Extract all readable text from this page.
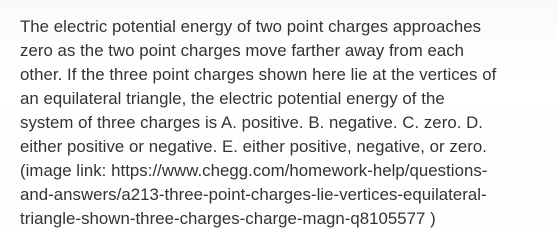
The electric potential energy of two point charges approaches
zero as the two point charges move farther away from each
other. If the three point charges shown here lie at the vertices of
an equilateral triangle, the electric potential energy of the
system of three charges is A. positive. B. negative. C. zero. D.
either positive or negative. E. either positive, negative, or zero.
(image link: https://www.chegg.com/homework-help/questions-
and-answers/a213-three-point-charges-lie-vertices-equilateral-
triangle-shown-three-charges-charge-magn-q8105577 )
